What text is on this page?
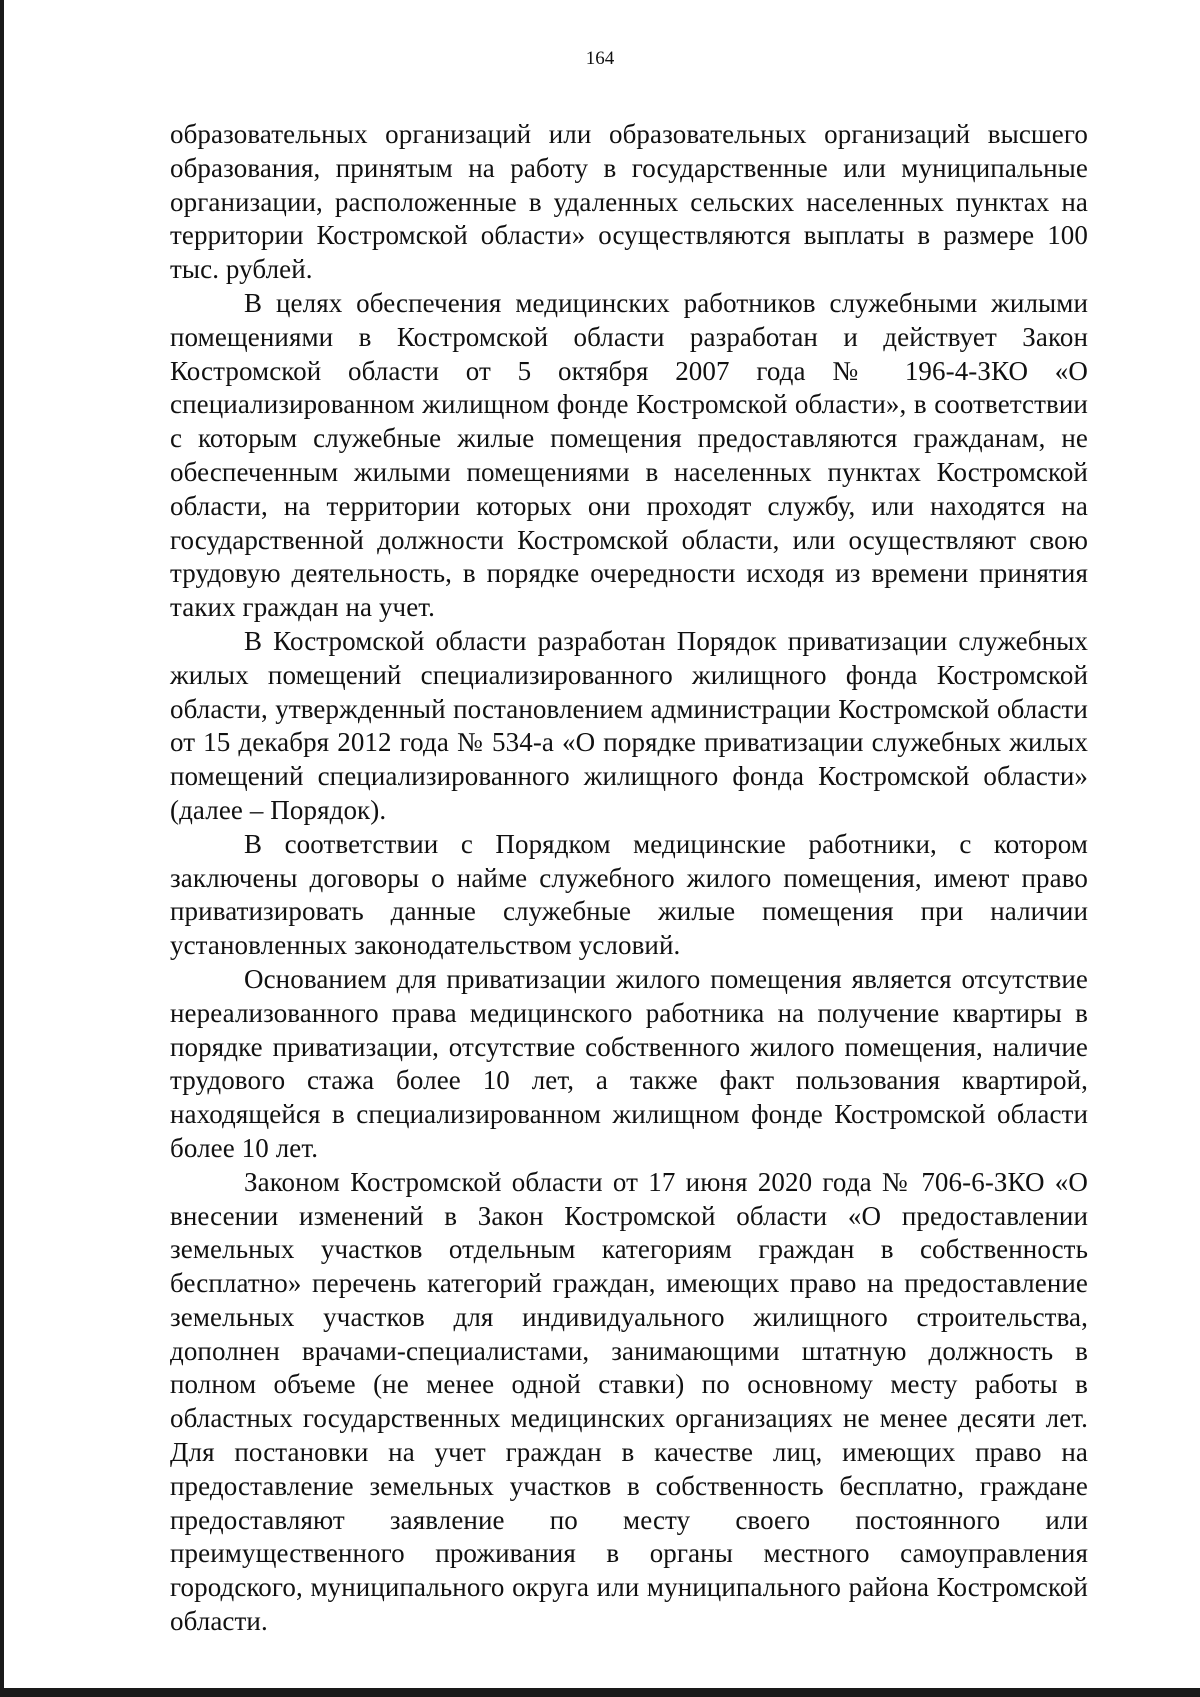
164

образовательных организаций или образовательных организаций высшего образования, принятым на работу в государственные или муниципальные организации, расположенные в удаленных сельских населенных пунктах на территории Костромской области» осуществляются выплаты в размере 100 тыс. рублей.

В целях обеспечения медицинских работников служебными жилыми помещениями в Костромской области разработан и действует Закон Костромской области от 5 октября 2007 года № 196-4-ЗКО «О специализированном жилищном фонде Костромской области», в соответствии с которым служебные жилые помещения предоставляются гражданам, не обеспеченным жилыми помещениями в населенных пунктах Костромской области, на территории которых они проходят службу, или находятся на государственной должности Костромской области, или осуществляют свою трудовую деятельность, в порядке очередности исходя из времени принятия таких граждан на учет.

В Костромской области разработан Порядок приватизации служебных жилых помещений специализированного жилищного фонда Костромской области, утвержденный постановлением администрации Костромской области от 15 декабря 2012 года № 534-а «О порядке приватизации служебных жилых помещений специализированного жилищного фонда Костромской области» (далее – Порядок).

В соответствии с Порядком медицинские работники, с котором заключены договоры о найме служебного жилого помещения, имеют право приватизировать данные служебные жилые помещения при наличии установленных законодательством условий.

Основанием для приватизации жилого помещения является отсутствие нереализованного права медицинского работника на получение квартиры в порядке приватизации, отсутствие собственного жилого помещения, наличие трудового стажа более 10 лет, а также факт пользования квартирой, находящейся в специализированном жилищном фонде Костромской области более 10 лет.

Законом Костромской области от 17 июня 2020 года № 706-6-ЗКО «О внесении изменений в Закон Костромской области «О предоставлении земельных участков отдельным категориям граждан в собственность бесплатно» перечень категорий граждан, имеющих право на предоставление земельных участков для индивидуального жилищного строительства, дополнен врачами-специалистами, занимающими штатную должность в полном объеме (не менее одной ставки) по основному месту работы в областных государственных медицинских организациях не менее десяти лет. Для постановки на учет граждан в качестве лиц, имеющих право на предоставление земельных участков в собственность бесплатно, граждане предоставляют заявление по месту своего постоянного или преимущественного проживания в органы местного самоуправления городского, муниципального округа или муниципального района Костромской области.
